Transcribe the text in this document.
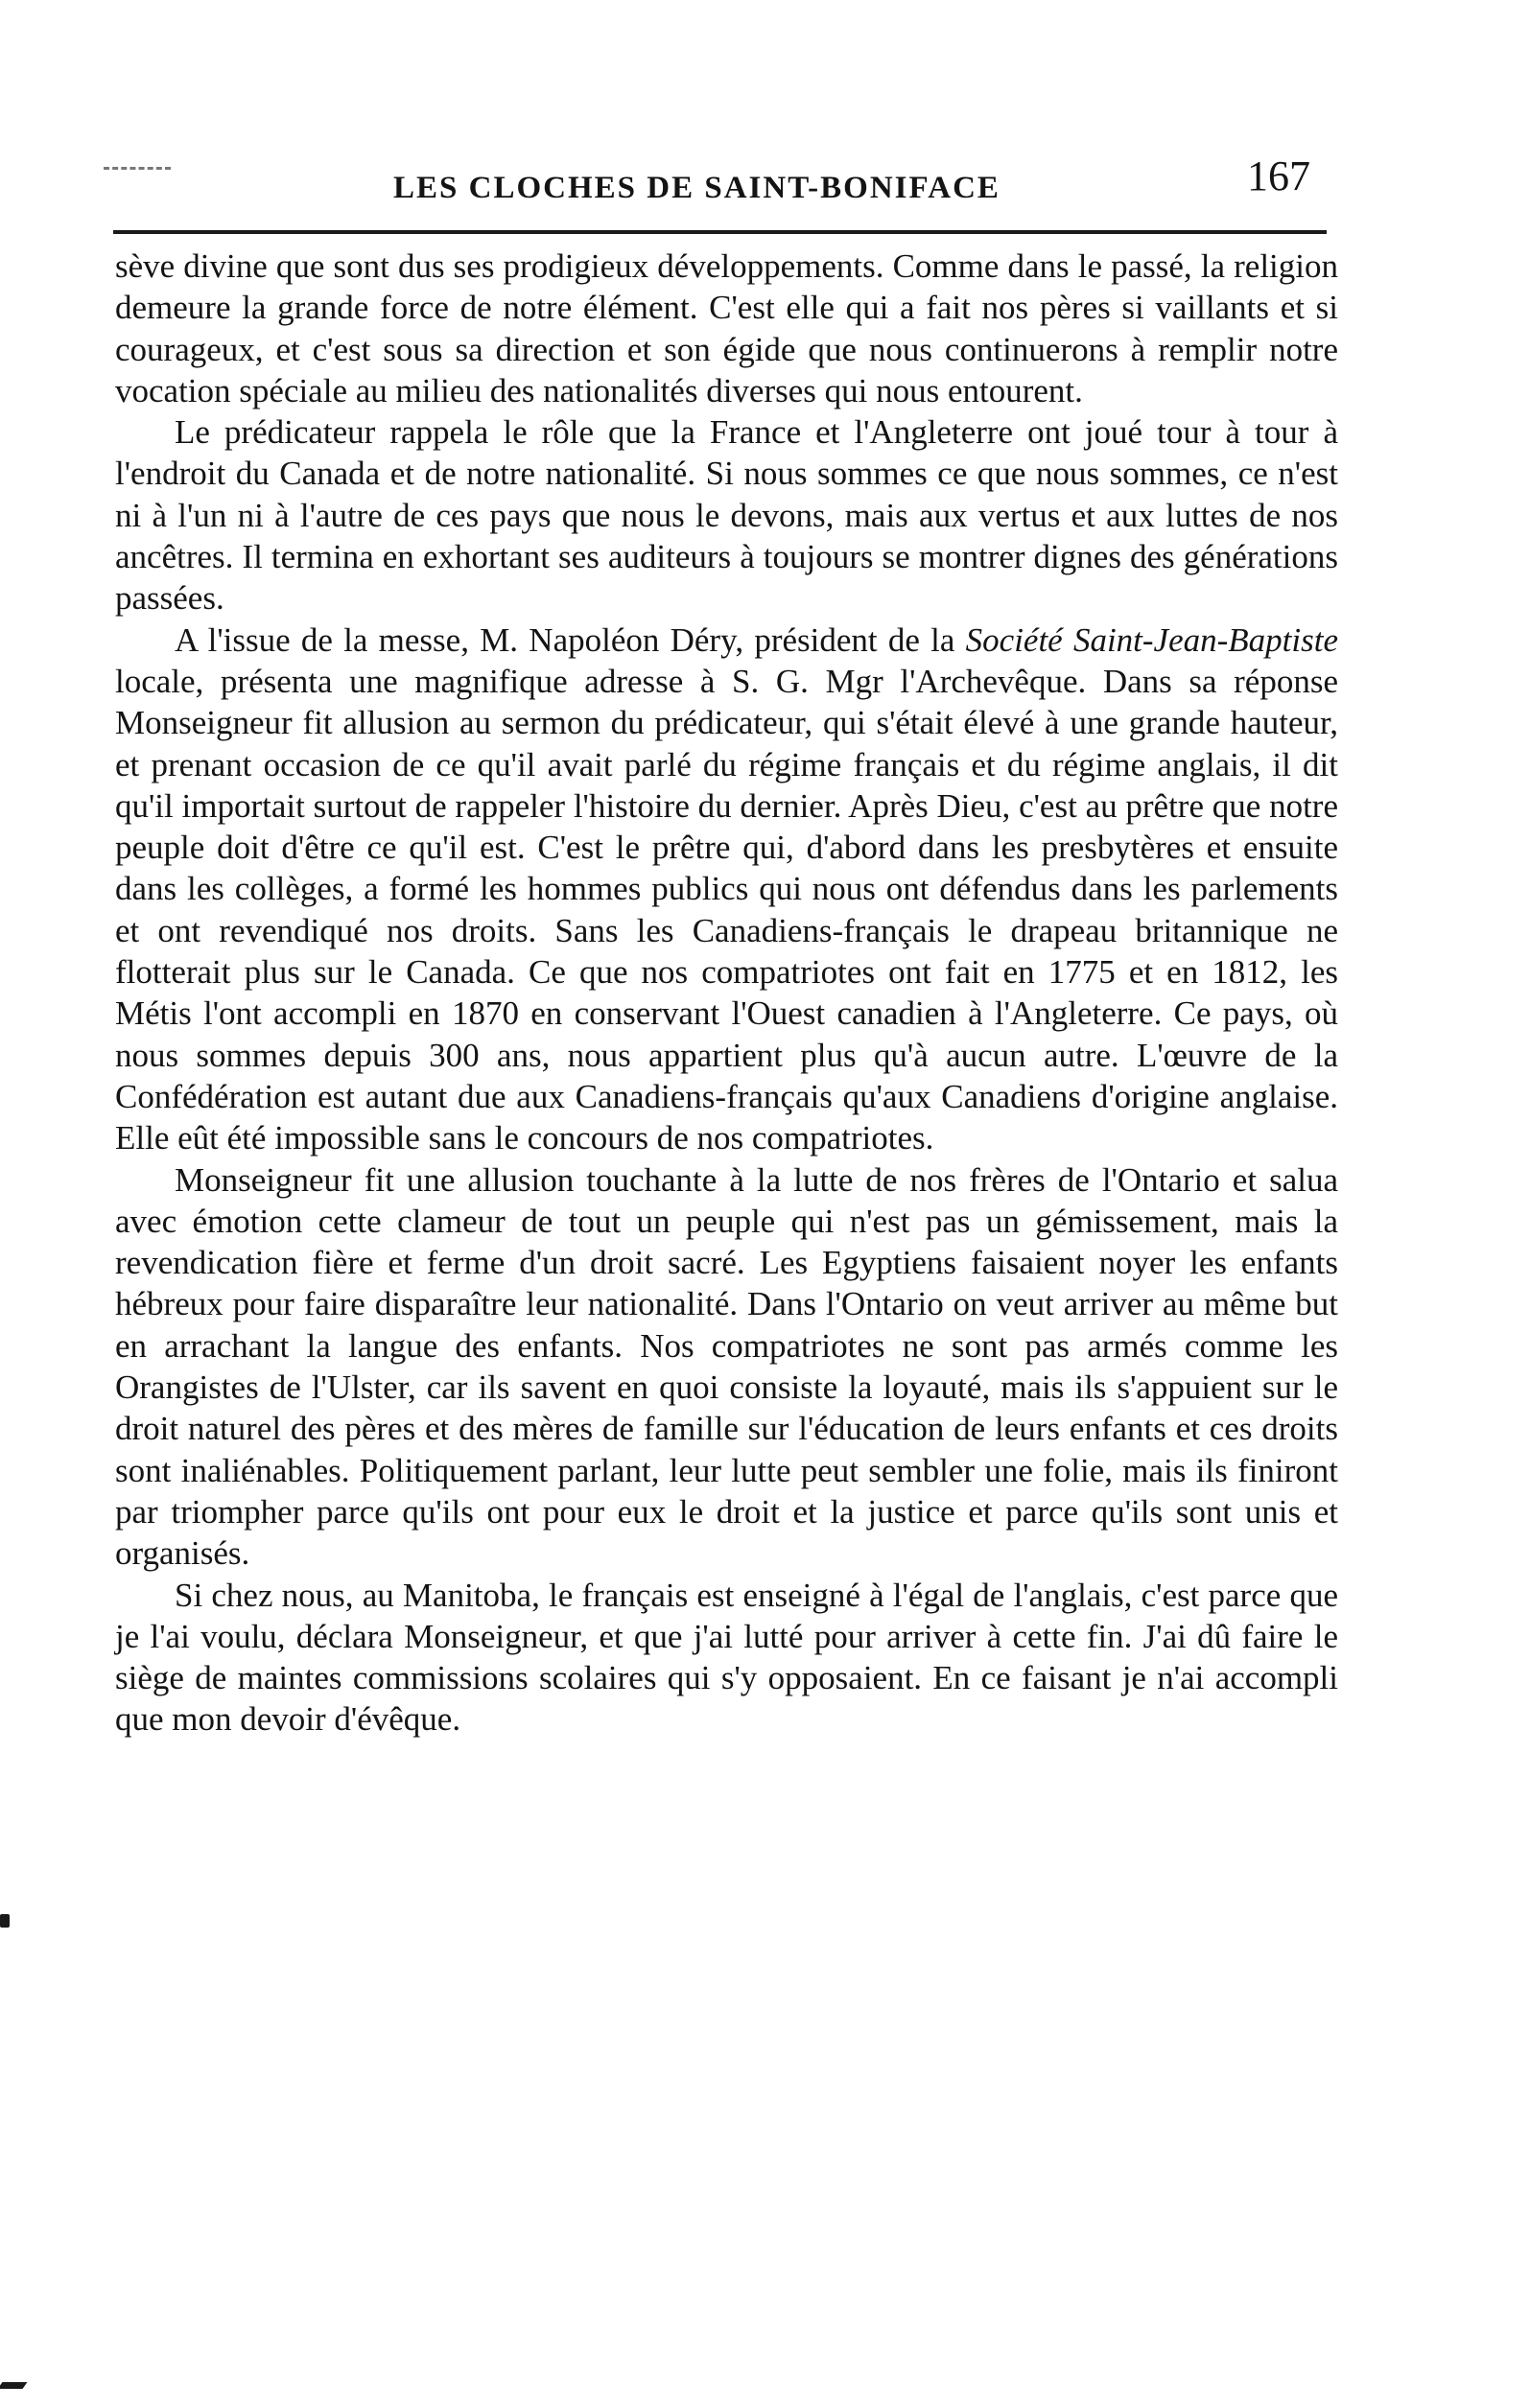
LES CLOCHES DE SAINT-BONIFACE	167

sève divine que sont dus ses prodigieux développements. Comme dans le passé, la religion demeure la grande force de notre élément. C'est elle qui a fait nos pères si vaillants et si courageux, et c'est sous sa direction et son égide que nous continuerons à remplir notre vocation spéciale au milieu des nationalités diverses qui nous entourent.

Le prédicateur rappela le rôle que la France et l'Angleterre ont joué tour à tour à l'endroit du Canada et de notre nationalité. Si nous sommes ce que nous sommes, ce n'est ni à l'un ni à l'autre de ces pays que nous le devons, mais aux vertus et aux luttes de nos ancêtres. Il termina en exhortant ses auditeurs à toujours se montrer dignes des générations passées.

A l'issue de la messe, M. Napoléon Déry, président de la Société Saint-Jean-Baptiste locale, présenta une magnifique adresse à S. G. Mgr l'Archevêque. Dans sa réponse Monseigneur fit allusion au sermon du prédicateur, qui s'était élevé à une grande hauteur, et prenant occasion de ce qu'il avait parlé du régime français et du régime anglais, il dit qu'il importait surtout de rappeler l'histoire du dernier. Après Dieu, c'est au prêtre que notre peuple doit d'être ce qu'il est. C'est le prêtre qui, d'abord dans les presbytères et ensuite dans les collèges, a formé les hommes publics qui nous ont défendus dans les parlements et ont revendiqué nos droits. Sans les Canadiens-français le drapeau britannique ne flotterait plus sur le Canada. Ce que nos compatriotes ont fait en 1775 et en 1812, les Métis l'ont accompli en 1870 en conservant l'Ouest canadien à l'Angleterre. Ce pays, où nous sommes depuis 300 ans, nous appartient plus qu'à aucun autre. L'œuvre de la Confédération est autant due aux Canadiens-français qu'aux Canadiens d'origine anglaise. Elle eût été impossible sans le concours de nos compatriotes.

Monseigneur fit une allusion touchante à la lutte de nos frères de l'Ontario et salua avec émotion cette clameur de tout un peuple qui n'est pas un gémissement, mais la revendication fière et ferme d'un droit sacré. Les Egyptiens faisaient noyer les enfants hébreux pour faire disparaître leur nationalité. Dans l'Ontario on veut arriver au même but en arrachant la langue des enfants. Nos compatriotes ne sont pas armés comme les Orangistes de l'Ulster, car ils savent en quoi consiste la loyauté, mais ils s'appuient sur le droit naturel des pères et des mères de famille sur l'éducation de leurs enfants et ces droits sont inaliénables. Politiquement parlant, leur lutte peut sembler une folie, mais ils finiront par triompher parce qu'ils ont pour eux le droit et la justice et parce qu'ils sont unis et organisés.

Si chez nous, au Manitoba, le français est enseigné à l'égal de l'anglais, c'est parce que je l'ai voulu, déclara Monseigneur, et que j'ai lutté pour arriver à cette fin. J'ai dû faire le siège de maintes commissions scolaires qui s'y opposaient. En ce faisant je n'ai accompli que mon devoir d'évêque.
